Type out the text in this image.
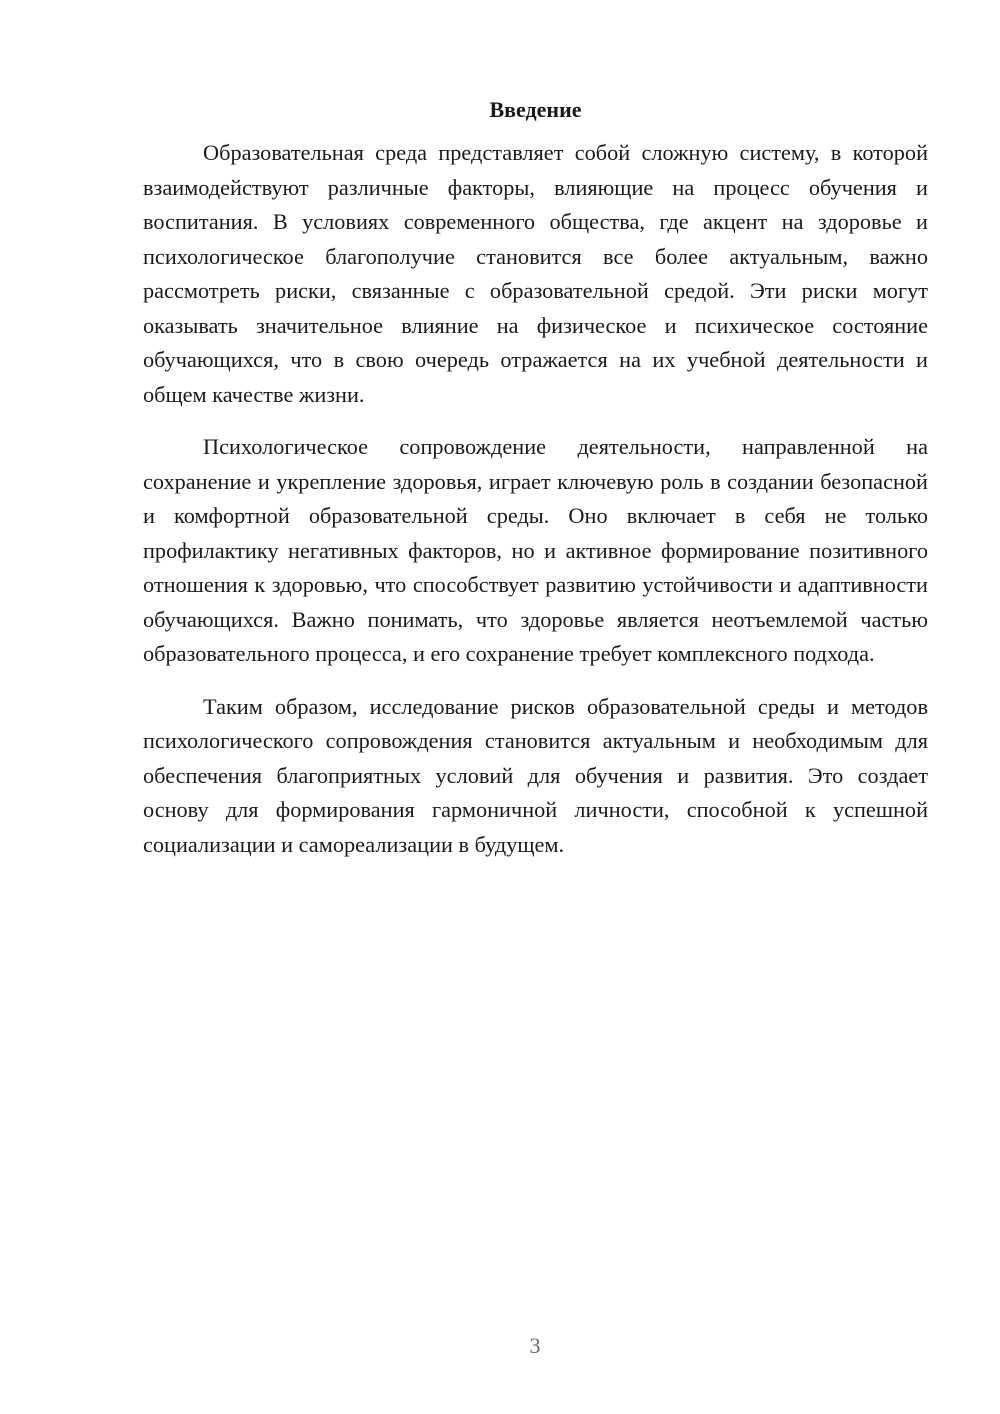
Введение

Образовательная среда представляет собой сложную систему, в которой взаимодействуют различные факторы, влияющие на процесс обучения и воспитания. В условиях современного общества, где акцент на здоровье и психологическое благополучие становится все более актуальным, важно рассмотреть риски, связанные с образовательной средой. Эти риски могут оказывать значительное влияние на физическое и психическое состояние обучающихся, что в свою очередь отражается на их учебной деятельности и общем качестве жизни.

Психологическое сопровождение деятельности, направленной на сохранение и укрепление здоровья, играет ключевую роль в создании безопасной и комфортной образовательной среды. Оно включает в себя не только профилактику негативных факторов, но и активное формирование позитивного отношения к здоровью, что способствует развитию устойчивости и адаптивности обучающихся. Важно понимать, что здоровье является неотъемлемой частью образовательного процесса, и его сохранение требует комплексного подхода.

Таким образом, исследование рисков образовательной среды и методов психологического сопровождения становится актуальным и необходимым для обеспечения благоприятных условий для обучения и развития. Это создает основу для формирования гармоничной личности, способной к успешной социализации и самореализации в будущем.

3
